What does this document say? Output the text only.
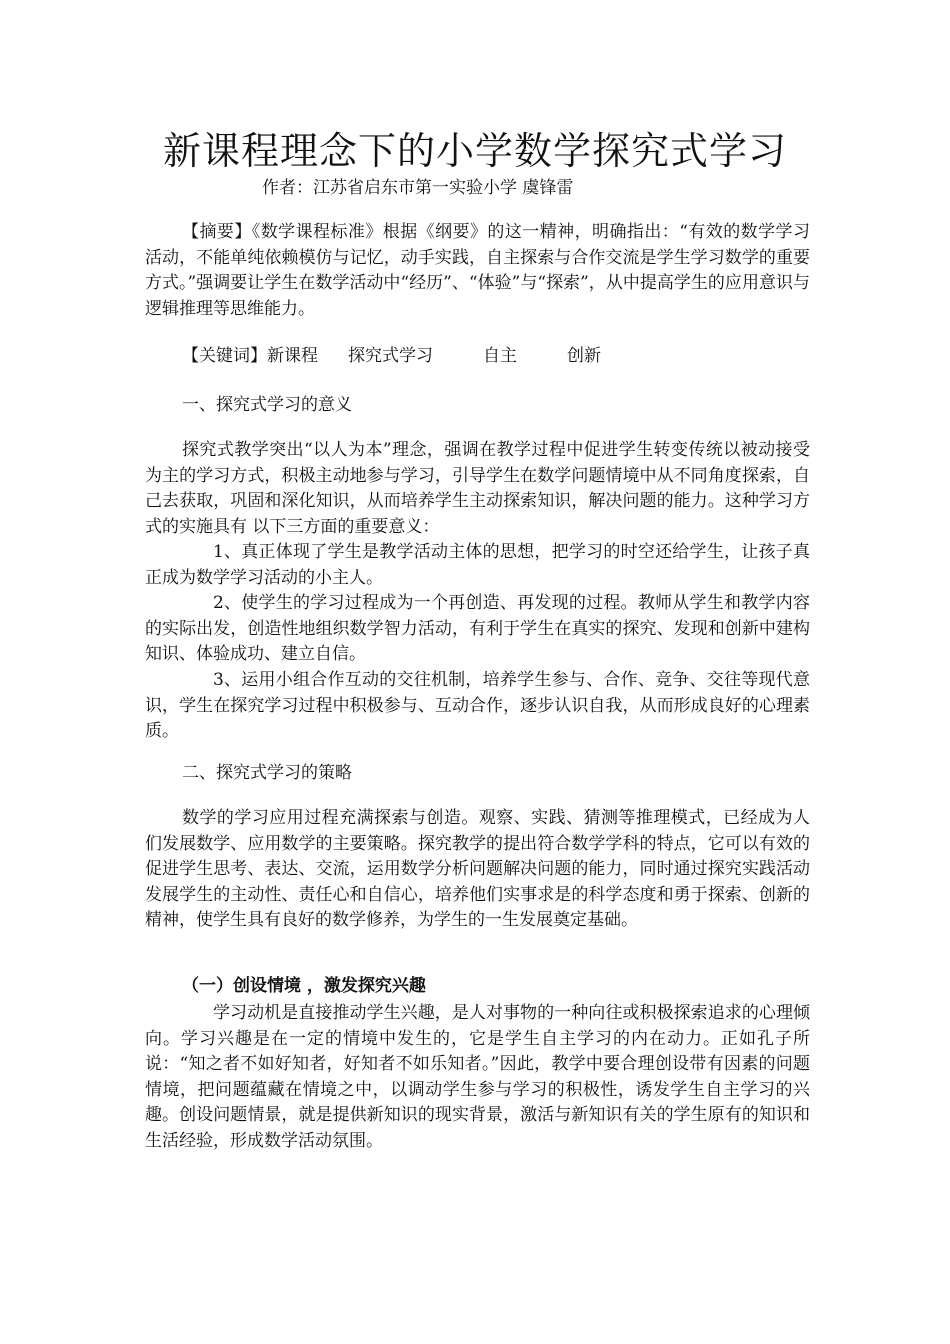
新课程理念下的小学数学探究式学习
作者：江苏省启东市第一实验小学 虞锋雷

【摘要】《数学课程标准》根据《纲要》的这一精神，明确指出：“有效的数学学习活动，不能单纯依赖模仿与记忆，动手实践，自主探索与合作交流是学生学习数学的重要方式。”强调要让学生在数学活动中“经历”、“体验”与“探索”，从中提高学生的应用意识与逻辑推理等思维能力。

【关键词】新课程 探究式学习	自主	创新
一、探究式学习的意义

探究式教学突出“以人为本”理念，强调在教学过程中促进学生转变传统以被动接受为主的学习方式，积极主动地参与学习，引导学生在数学问题情境中从不同角度探索，自己去获取，巩固和深化知识，从而培养学生主动探索知识，解决问题的能力。这种学习方式的实施具有 以下三方面的重要意义：

1、真正体现了学生是教学活动主体的思想，把学习的时空还给学生，让孩子真正成为数学学习活动的小主人。

2、使学生的学习过程成为一个再创造、再发现的过程。教师从学生和教学内容的实际出发，创造性地组织数学智力活动，有利于学生在真实的探究、发现和创新中建构知识、体验成功、建立自信。

3、运用小组合作互动的交往机制，培养学生参与、合作、竞争、交往等现代意识，学生在探究学习过程中积极参与、互动合作，逐步认识自我，从而形成良好的心理素质。

二、探究式学习的策略

数学的学习应用过程充满探索与创造。观察、实践、猜测等推理模式，已经成为人们发展数学、应用数学的主要策略。探究教学的提出符合数学学科的特点，它可以有效的促进学生思考、表达、交流，运用数学分析问题解决问题的能力，同时通过探究实践活动发展学生的主动性、责任心和自信心，培养他们实事求是的科学态度和勇于探索、创新的精神，使学生具有良好的数学修养，为学生的一生发展奠定基础。

（一）创设情境 ，激发探究兴趣

学习动机是直接推动学生兴趣，是人对事物的一种向往或积极探索追求的心理倾向。学习兴趣是在一定的情境中发生的，它是学生自主学习的内在动力。正如孔子所说：“知之者不如好知者，好知者不如乐知者。”因此，教学中要合理创设带有因素的问题情境，把问题蕴藏在情境之中，以调动学生参与学习的积极性，诱发学生自主学习的兴趣。创设问题情景，就是提供新知识的现实背景，激活与新知识有关的学生原有的知识和生活经验，形成数学活动氛围。
